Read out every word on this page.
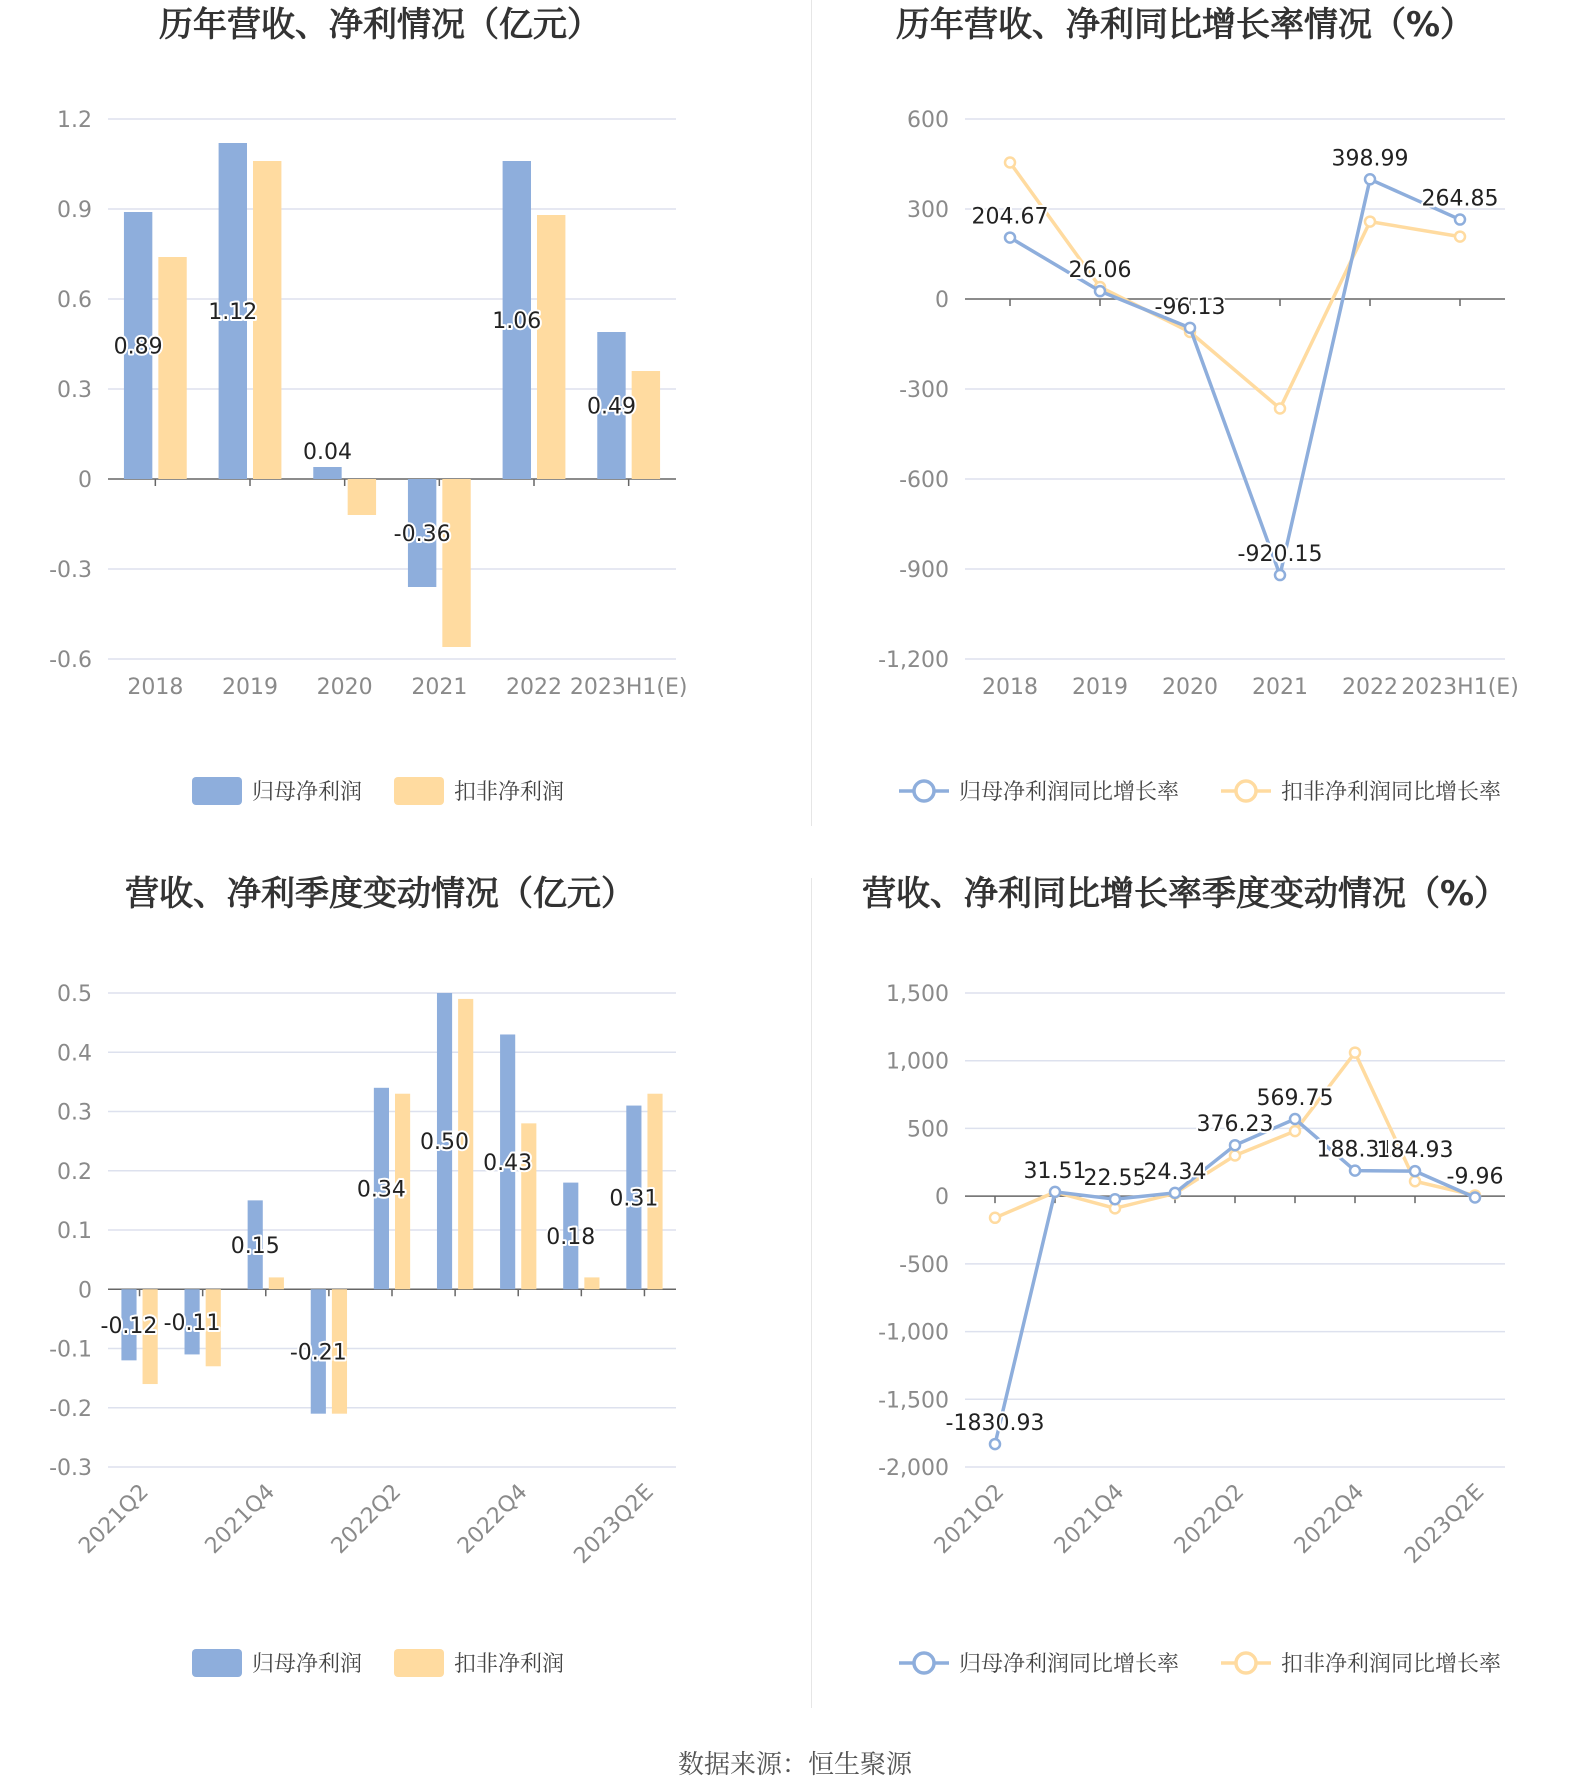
历年营收、净利情况（亿元）
-0.6
-0.3
0
0.3
0.6
0.9
1.2
2018 2019 2020 2021 2022 2023H1(E)
0.89
1.12
0.04
-0.36
1.06
0.49
归母净利润	扣非净利润
历年营收、净利同比增长率情况（%）
-1,200
-900
-600
-300
0
300
600
2018 2019 2020 2021 2022 2023H1(E)
204.67
26.06
-96.13
-920.15
398.99
264.85
归母净利润同比增长率	扣非净利润同比增长率
营收、净利季度变动情况（亿元）
-0.3
-0.2
-0.1
0
0.1
0.2
0.3
0.4
0.5
2021Q2 2021Q4 2022Q2 2022Q4 2023Q2E
-0.12 -0.11
0.15
-0.21
0.34
0.50
0.43
0.18
0.31
归母净利润	扣非净利润
营收、净利同比增长率季度变动情况（%）
-2,000
-1,500
-1,000
-500
0
500
1,000
1,500
2021Q2 2021Q4 2022Q2 2022Q4 2023Q2E
-1830.93
31.51
22.55
24.34
376.23
569.75
188.31
184.93
-9.96
归母净利润同比增长率	扣非净利润同比增长率
数据来源：恒生聚源
